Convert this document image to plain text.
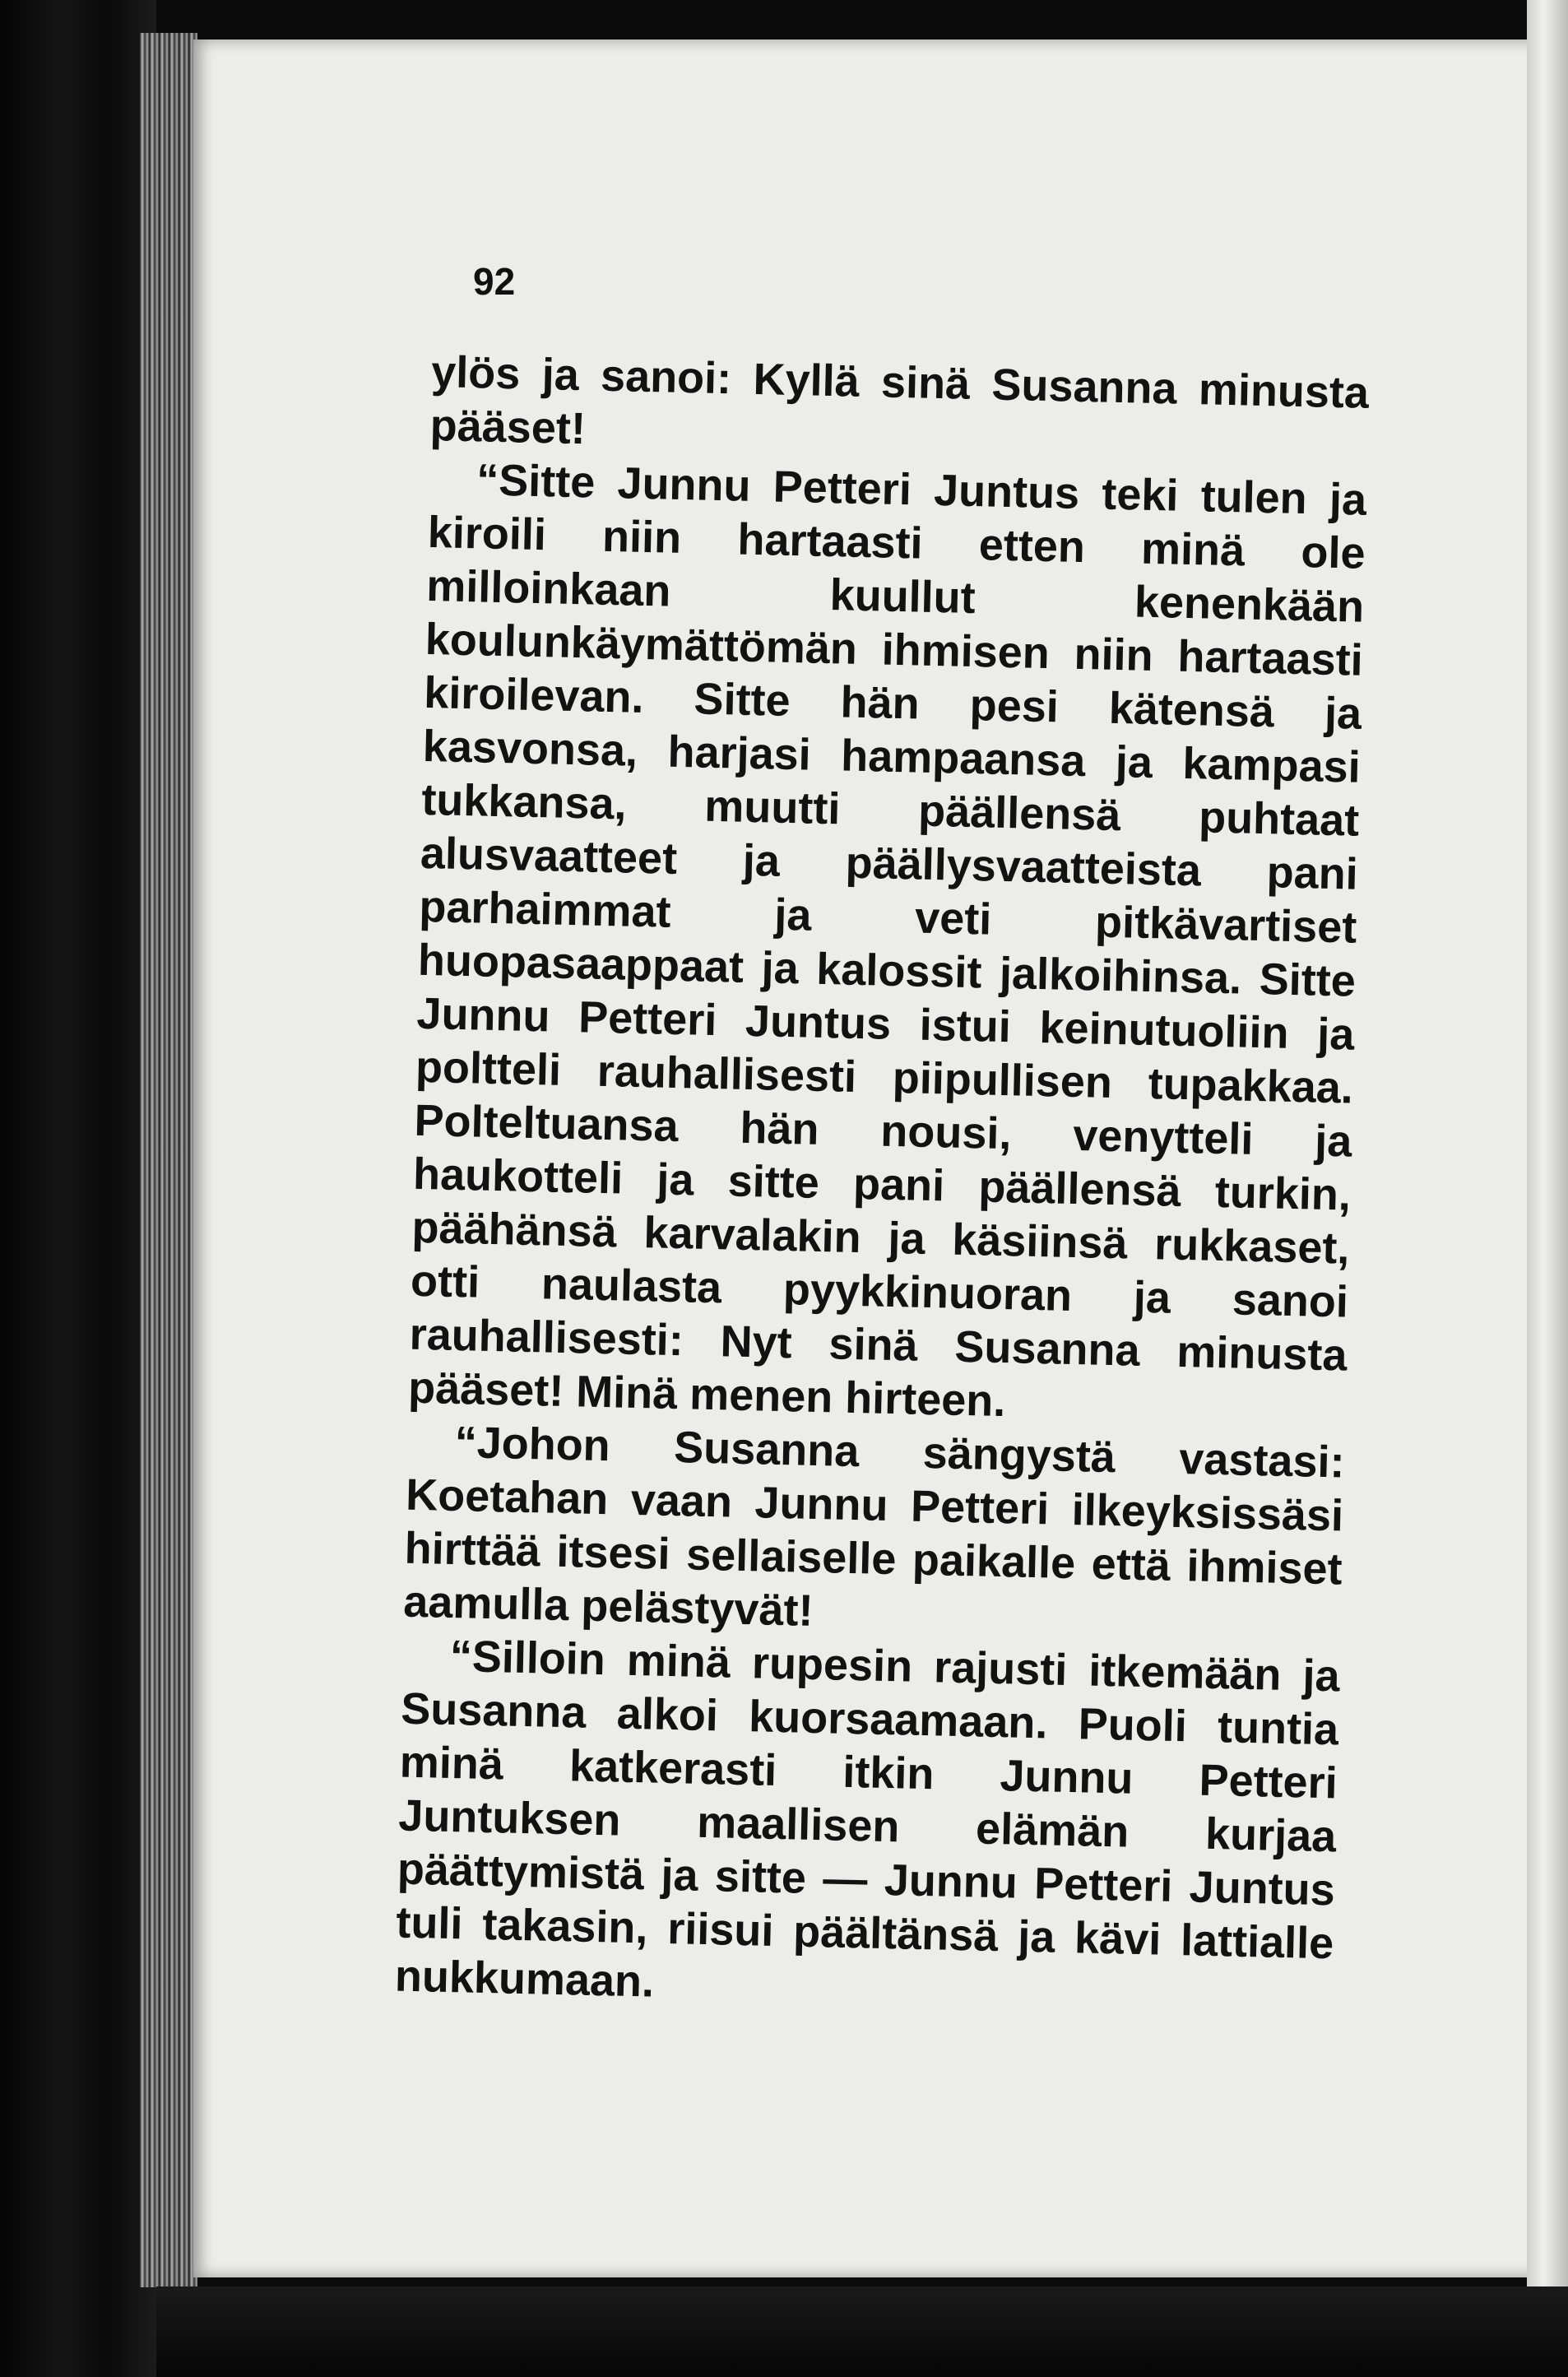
92

ylös ja sanoi: Kyllä sinä Susanna minusta pääset!

“Sitte Junnu Petteri Juntus teki tulen ja kiroili niin hartaasti etten minä ole milloinkaan kuullut kenenkään koulunkäymättömän ihmisen niin hartaasti kiroilevan. Sitte hän pesi kätensä ja kasvonsa, harjasi hampaansa ja kampasi tukkansa, muutti päällensä puhtaat alusvaatteet ja päällysvaatteista pani parhaimmat ja veti pitkävartiset huopasaappaat ja kalossit jalkoihinsa. Sitte Junnu Petteri Juntus istui keinutuoliin ja poltteli rauhallisesti piipullisen tupakkaa. Polteltuansa hän nousi, venytteli ja haukotteli ja sitte pani päällensä turkin, päähänsä karvalakin ja käsiinsä rukkaset, otti naulasta pyykkinuoran ja sanoi rauhallisesti: Nyt sinä Susanna minusta pääset! Minä menen hirteen.

“Johon Susanna sängystä vastasi: Koetahan vaan Junnu Petteri ilkeyksissäsi hirttää itsesi sellaiselle paikalle että ihmiset aamulla pelästyvät!

“Silloin minä rupesin rajusti itkemään ja Susanna alkoi kuorsaamaan. Puoli tuntia minä katkerasti itkin Junnu Petteri Juntuksen maallisen elämän kurjaa päättymistä ja sitte — Junnu Petteri Juntus tuli takasin, riisui päältänsä ja kävi lattialle nukkumaan.
